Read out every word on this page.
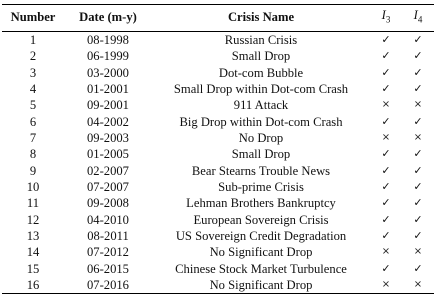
Number	Date (m-y)	Crisis Name	$I_3$	$I_4$
1	08-1998	Russian Crisis	✓	✓
2	06-1999	Small Drop	✓	✓
3	03-2000	Dot-com Bubble	✓	✓
4	01-2001	Small Drop within Dot-com Crash	✓	✓
5	09-2001	911 Attack	×	×
6	04-2002	Big Drop within Dot-com Crash	✓	✓
7	09-2003	No Drop	×	×
8	01-2005	Small Drop	✓	✓
9	02-2007	Bear Stearns Trouble News	✓	✓
10	07-2007	Sub-prime Crisis	✓	✓
11	09-2008	Lehman Brothers Bankruptcy	✓	✓
12	04-2010	European Sovereign Crisis	✓	✓
13	08-2011	US Sovereign Credit Degradation	✓	✓
14	07-2012	No Significant Drop	×	×
15	06-2015	Chinese Stock Market Turbulence	✓	✓
16	07-2016	No Significant Drop	×	×
